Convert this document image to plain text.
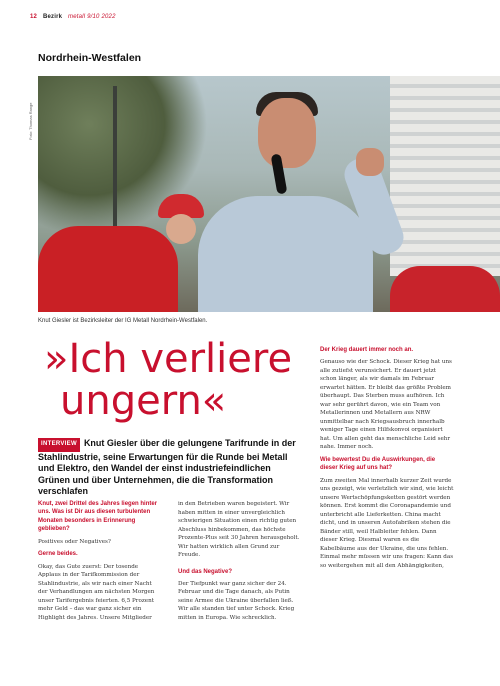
12 Bezirk metall 9/10 2022
Nordrhein-Westfalen
Foto: Thomas Range
Knut Giesler ist Bezirksleiter der IG Metall Nordrhein-Westfalen.
»Ich verliere
ungern«
INTERVIEW Knut Giesler über die gelungene Tarifrunde in der Stahlindustrie, seine Erwartungen für die Runde bei Metall und Elektro, den Wandel der einst industriefeindlichen Grünen und über Unternehmen, die die Transformation verschlafen
Knut, zwei Drittel des Jahres liegen hinter uns. Was ist Dir aus diesen turbulenten Monaten besonders in Erinnerung geblieben?
Positives oder Negatives?
Gerne beides.
Okay, das Gute zuerst: Der tosende Applaus in der Tarifkommission der Stahlindustrie, als wir nach einer Nacht der Verhandlungen am nächsten Morgen unser Tarifergebnis feierten. 6,5 Prozent mehr Geld – das war ganz sicher ein Highlight des Jahres. Unsere Mitglieder
in den Betrieben waren begeistert. Wir haben mitten in einer unvergleichlich schwierigen Situation einen richtig guten Abschluss hinbekommen, das höchste Prozente-Plus seit 30 Jahren herausgeholt. Wir hatten wirklich allen Grund zur Freude.
Und das Negative?
Der Tiefpunkt war ganz sicher der 24. Februar und die Tage danach, als Putin seine Armee die Ukraine überfallen ließ. Wir alle standen tief unter Schock. Krieg mitten in Europa. Wie schrecklich.
Der Krieg dauert immer noch an.
Genauso wie der Schock. Dieser Krieg hat uns alle zutiefst verunsichert. Er dauert jetzt schon länger, als wir damals im Februar erwartet hätten. Er bleibt das größte Problem überhaupt. Das Sterben muss aufhören. Ich war sehr gerührt davon, wie ein Team von Metallerinnen und Metallern aus NRW unmittelbar nach Kriegsausbruch innerhalb weniger Tage einen Hilfskonvoi organisiert hat. Um allen geht das menschliche Leid sehr nahe. Immer noch.
Wie bewertest Du die Auswirkungen, die dieser Krieg auf uns hat?
Zum zweiten Mal innerhalb kurzer Zeit wurde uns gezeigt, wie verletzlich wir sind, wie leicht unsere Wertschöpfungsketten gestört werden können. Erst kommt die Coronapandemie und unterbricht alle Lieferketten. China macht dicht, und in unseren Autofabriken stehen die Bänder still, weil Halbleiter fehlen. Dann dieser Krieg. Diesmal waren es die Kabelbäume aus der Ukraine, die uns fehlen. Einmal mehr müssen wir uns fragen: Kann das so weitergehen mit all den Abhängigkeiten,
